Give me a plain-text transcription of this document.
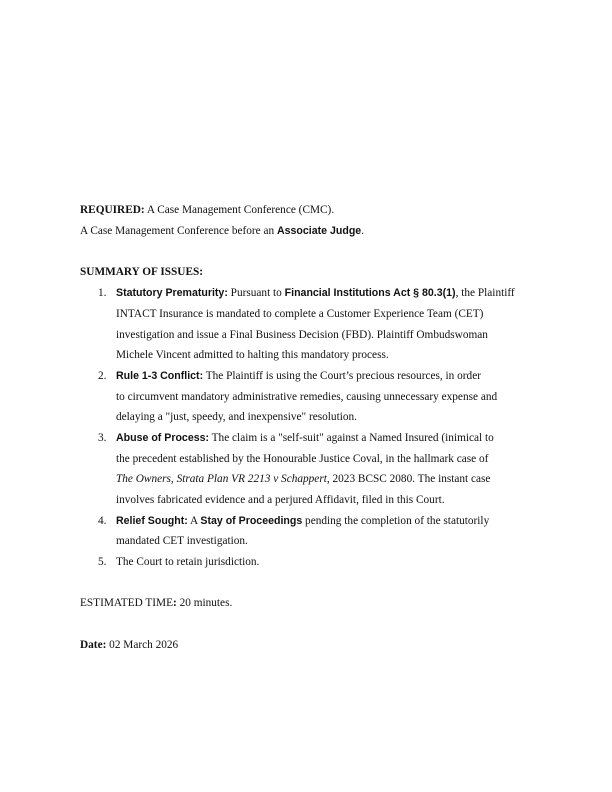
REQUIRED: A Case Management Conference (CMC).
A Case Management Conference before an Associate Judge.
SUMMARY OF ISSUES:
1. Statutory Prematurity: Pursuant to Financial Institutions Act § 80.3(1), the Plaintiff
INTACT Insurance is mandated to complete a Customer Experience Team (CET)
investigation and issue a Final Business Decision (FBD). Plaintiff Ombudswoman
Michele Vincent admitted to halting this mandatory process.
2. Rule 1-3 Conflict: The Plaintiff is using the Court’s precious resources, in order
to circumvent mandatory administrative remedies, causing unnecessary expense and
delaying a "just, speedy, and inexpensive" resolution.
3. Abuse of Process: The claim is a "self-suit" against a Named Insured (inimical to
the precedent established by the Honourable Justice Coval, in the hallmark case of
The Owners, Strata Plan VR 2213 v Schappert, 2023 BCSC 2080. The instant case
involves fabricated evidence and a perjured Affidavit, filed in this Court.
4. Relief Sought: A Stay of Proceedings pending the completion of the statutorily
mandated CET investigation.
5. The Court to retain jurisdiction.
ESTIMATED TIME: 20 minutes.
Date: 02 March 2026
